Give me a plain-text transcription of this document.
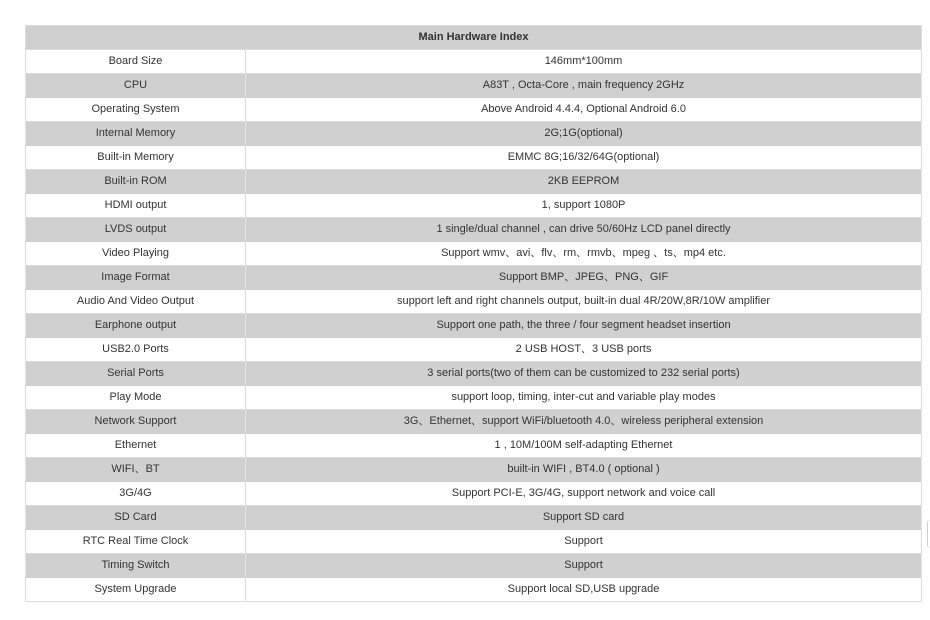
Main Hardware Index	
Board Size	146mm*100mm
CPU	A83T , Octa-Core , main frequency 2GHz
Operating System	Above Android 4.4.4, Optional Android 6.0
Internal Memory	2G;1G(optional)
Built-in Memory	EMMC 8G;16/32/64G(optional)
Built-in ROM	2KB EEPROM
HDMI output	1, support 1080P
LVDS output	1 single/dual channel , can drive 50/60Hz LCD panel directly
Video Playing	Support wmv、avi、flv、rm、rmvb、mpeg 、ts、mp4 etc.
Image Format	Support BMP、JPEG、PNG、GIF
Audio And Video Output	support left and right channels output, built-in dual 4R/20W,8R/10W amplifier
Earphone output	Support one path, the three / four segment headset insertion
USB2.0 Ports	2 USB HOST、3 USB ports
Serial Ports	3 serial ports(two of them can be customized to 232 serial ports)
Play Mode	support loop, timing, inter-cut and variable play modes
Network Support	3G、Ethernet、support WiFi/bluetooth 4.0、wireless peripheral extension
Ethernet	1 , 10M/100M self-adapting Ethernet
WIFI、BT	built-in WIFI , BT4.0 ( optional )
3G/4G	Support PCI-E, 3G/4G, support network and voice call
SD Card	Support SD card
RTC Real Time Clock	Support
Timing Switch	Support
System Upgrade	Support local SD,USB upgrade
